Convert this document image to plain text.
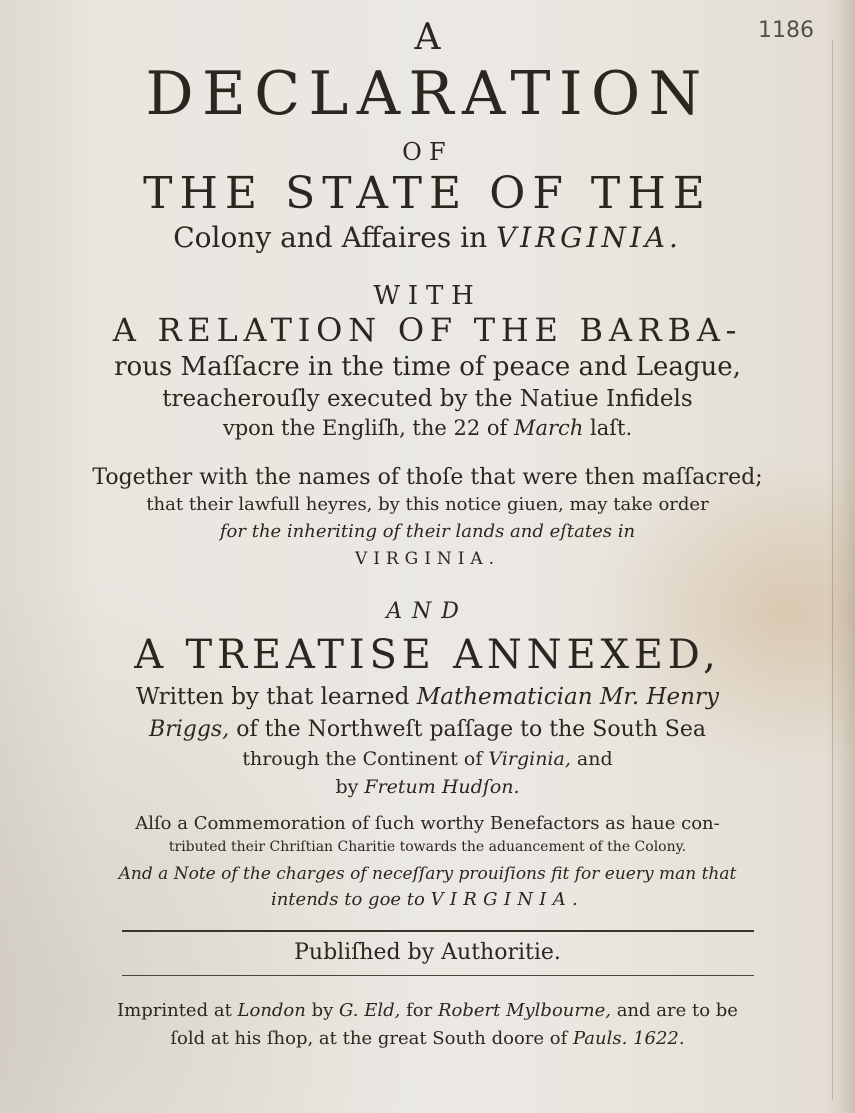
1186
A
DECLARATION
OF
THE STATE OF THE
Colony and Affaires in VIRGINIA.
WITH
A RELATION OF THE BARBA-
rous Maſſacre in the time of peace and League,
treacherouſly executed by the Natiue Infidels
vpon the Engliſh, the 22 of March laſt.
Together with the names of thoſe that were then maſſacred;
that their lawfull heyres, by this notice giuen, may take order
for the inheriting of their lands and eſtates in
VIRGINIA.
AND
A TREATISE ANNEXED,
Written by that learned Mathematician Mr. Henry
Briggs, of the Northweſt paſſage to the South Sea
through the Continent of Virginia, and
by Fretum Hudſon.
Alſo a Commemoration of ſuch worthy Benefactors as haue con-
tributed their Chriſtian Charitie towards the aduancement of the Colony.
And a Note of the charges of neceſſary prouiſions fit for euery man that
intends to goe to VIRGINIA.
Publiſhed by Authoritie.
Imprinted at London by G. Eld, for Robert Mylbourne, and are to be
ſold at his ſhop, at the great South doore of Pauls. 1622.
